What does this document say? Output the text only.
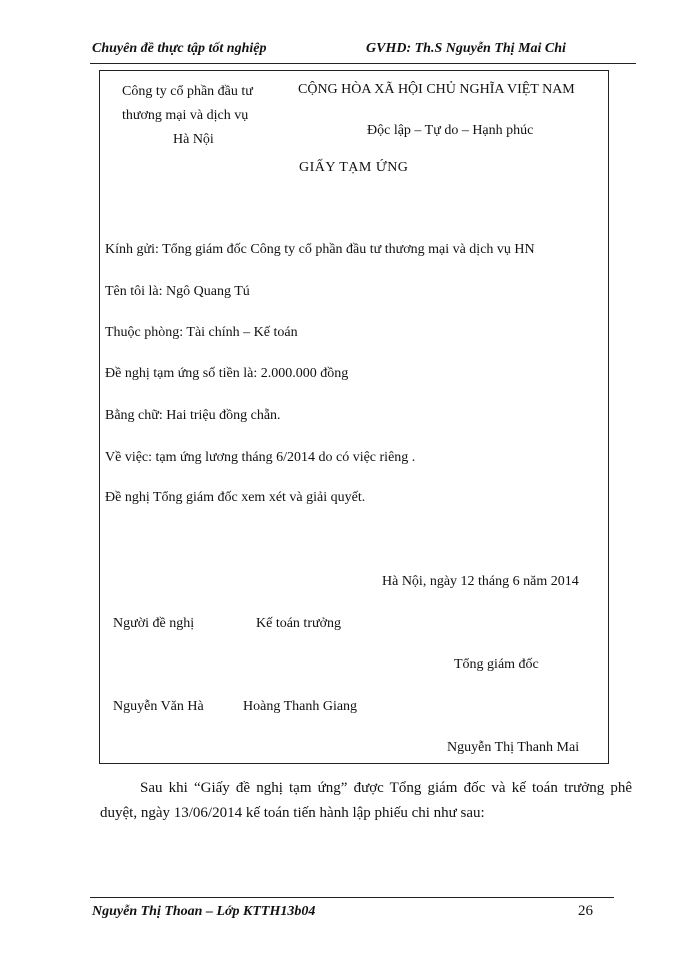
Chuyên đề thực tập tốt nghiệp	GVHD: Th.S Nguyễn Thị Mai Chi
Công ty cổ phần đầu tư
thương mại và dịch vụ
Hà Nội
CỘNG HÒA XÃ HỘI CHỦ NGHĨA VIỆT NAM
Độc lập – Tự do – Hạnh phúc
GIẤY TẠM ỨNG
Kính gửi: Tổng giám đốc Công ty cổ phần đầu tư thương mại và dịch vụ HN
Tên tôi là: Ngô Quang Tú
Thuộc phòng: Tài chính – Kế toán
Đề nghị tạm ứng số tiền là: 2.000.000 đồng
Bằng chữ: Hai triệu đồng chẵn.
Về việc: tạm ứng lương tháng 6/2014 do có việc riêng .
Đề nghị Tổng giám đốc xem xét và giải quyết.
Hà Nội, ngày 12 tháng 6 năm 2014
Người đề nghị	Kế toán trưởng
Tổng giám đốc
Nguyễn Văn Hà	Hoàng Thanh Giang
Nguyễn Thị Thanh Mai
Sau khi “Giấy đề nghị tạm ứng” được Tổng giám đốc và kế toán trưởng phê
duyệt, ngày 13/06/2014 kế toán tiến hành lập phiếu chi như sau:
Nguyễn Thị Thoan – Lớp KTTH13b04	26
